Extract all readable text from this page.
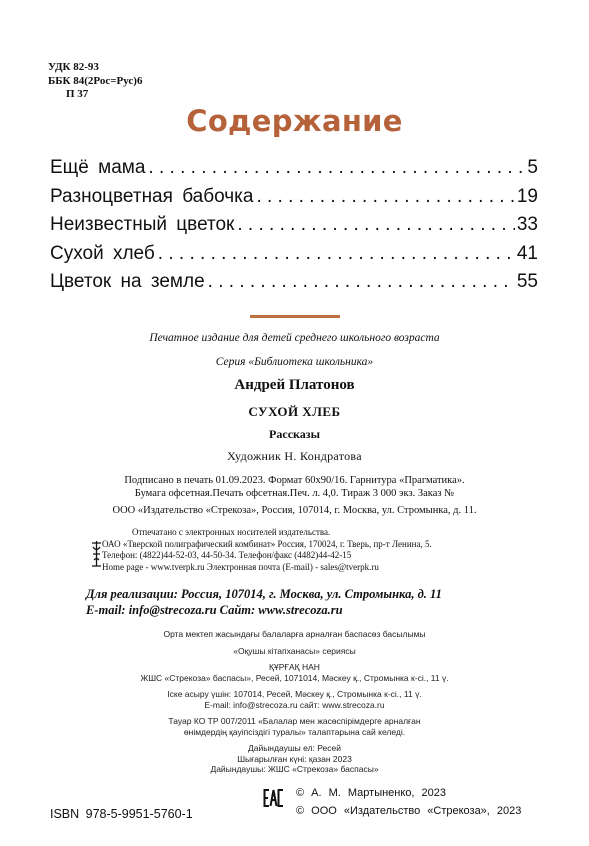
УДК 82-93
ББК 84(2Рос=Рус)6
П 37
Содержание
Ещё мама . . .	5
Разноцветная бабочка . . .	19
Неизвестный цветок . . .	33
Сухой хлеб . . .	41
Цветок на земле . . .	55
Печатное издание для детей среднего школьного возраста
Серия «Библиотека школьника»
Андрей Платонов
СУХОЙ ХЛЕБ
Рассказы
Художник Н. Кондратова
Подписано в печать 01.09.2023. Формат 60х90/16. Гарнитура «Прагматика».
Бумага офсетная.Печать офсетная.Печ. л. 4,0. Тираж 3 000 экз. Заказ №
ООО «Издательство «Стрекоза», Россия, 107014, г. Москва, ул. Стромынка, д. 11.
Отпечатано с электронных носителей издательства.
ОАО «Тверской полиграфический комбинат» Россия, 170024, г. Тверь, пр-т Ленина, 5.
Телефон: (4822)44-52-03, 44-50-34. Телефон/факс (4482)44-42-15
Home page - www.tverpk.ru Электронная почта (E-mail) - sales@tverpk.ru
Для реализации: Россия, 107014, г. Москва, ул. Стромынка, д. 11
E-mail: info@strecoza.ru Сайт: www.strecoza.ru
Орта мектеп жасындағы балаларға арналған баспасөз басылымы
«Оқушы кітапханасы» сериясы
ҚҰРҒАҚ НАН
ЖШС «Стрекоза» баспасы», Ресей, 1071014, Мәскеу қ., Стромынка к-сі., 11 ү.
Іске асыру үшін: 107014, Ресей, Мәскеу қ., Стромынка к-сі., 11 ү.
E-mail: info@strecoza.ru сайт: www.strecoza.ru
Тауар КО ТР 007/2011 «Балалар мен жасөспірімдерге арналған
өнімдердің қауіпсіздігі туралы» талаптарына сай келеді.
Дайындаушы ел: Ресей
Шығарылған күні: қазан 2023
Дайындаушы: ЖШС «Стрекоза» баспасы»
ISBN 978-5-9951-5760-1
© А. М. Мартыненко, 2023
© ООО «Издательство «Стрекоза», 2023
